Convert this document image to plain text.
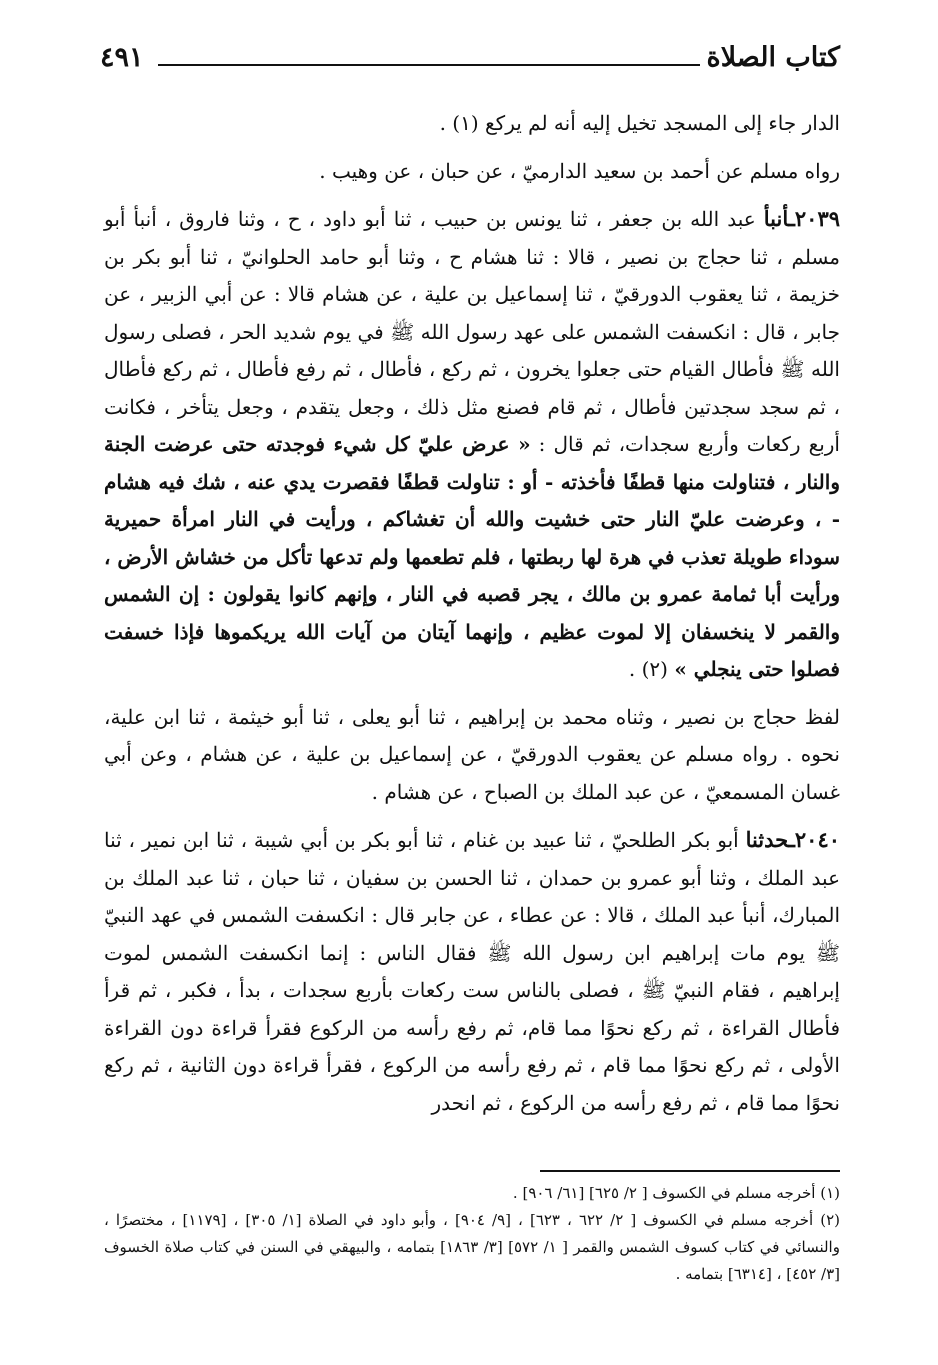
كتاب الصلاة
٤٩١

الدار جاء إلى المسجد تخيل إليه أنه لم يركع (١) .

رواه مسلم عن أحمد بن سعيد الدارميّ ، عن حبان ، عن وهيب .

٢٠٣٩ـأنبأ عبد الله بن جعفر ، ثنا يونس بن حبيب ، ثنا أبو داود ، ح ، وثنا فاروق ، أنبأ أبو مسلم ، ثنا حجاج بن نصير ، قالا : ثنا هشام ح ، وثنا أبو حامد الحلوانيّ ، ثنا أبو بكر بن خزيمة ، ثنا يعقوب الدورقيّ ، ثنا إسماعيل بن علية ، عن هشام قالا : عن أبي الزبير ، عن جابر ، قال : انكسفت الشمس على عهد رسول الله ﷺ في يوم شديد الحر ، فصلى رسول الله ﷺ فأطال القيام حتى جعلوا يخرون ، ثم ركع ، فأطال ، ثم رفع فأطال ، ثم ركع فأطال ، ثم سجد سجدتين فأطال ، ثم قام فصنع مثل ذلك ، وجعل يتقدم ، وجعل يتأخر ، فكانت أربع ركعات وأربع سجدات، ثم قال : « عرض عليّ كل شيء فوجدته حتى عرضت الجنة والنار ، فتناولت منها قطفًا فأخذته - أو : تناولت قطفًا فقصرت يدي عنه ، شك فيه هشام - ، وعرضت عليّ النار حتى خشيت والله أن تغشاكم ، ورأيت في النار امرأة حميرية سوداء طويلة تعذب في هرة لها ربطتها ، فلم تطعمها ولم تدعها تأكل من خشاش الأرض ، ورأيت أبا ثمامة عمرو بن مالك ، يجر قصبه في النار ، وإنهم كانوا يقولون : إن الشمس والقمر لا ينخسفان إلا لموت عظيم ، وإنهما آيتان من آيات الله يريكموها فإذا خسفت فصلوا حتى ينجلي » (٢) .

لفظ حجاج بن نصير ، وثناه محمد بن إبراهيم ، ثنا أبو يعلى ، ثنا أبو خيثمة ، ثنا ابن علية، نحوه . رواه مسلم عن يعقوب الدورقيّ ، عن إسماعيل بن علية ، عن هشام ، وعن أبي غسان المسمعيّ ، عن عبد الملك بن الصباح ، عن هشام .

٢٠٤٠ـحدثنا أبو بكر الطلحيّ ، ثنا عبيد بن غنام ، ثنا أبو بكر بن أبي شيبة ، ثنا ابن نمير ، ثنا عبد الملك ، وثنا أبو عمرو بن حمدان ، ثنا الحسن بن سفيان ، ثنا حبان ، ثنا عبد الملك بن المبارك، أنبأ عبد الملك ، قالا : عن عطاء ، عن جابر قال : انكسفت الشمس في عهد النبيّ ﷺ يوم مات إبراهيم ابن رسول الله ﷺ فقال الناس : إنما انكسفت الشمس لموت إبراهيم ، فقام النبيّ ﷺ ، فصلى بالناس ست ركعات بأربع سجدات ، بدأ ، فكبر ، ثم قرأ فأطال القراءة ، ثم ركع نحوًا مما قام، ثم رفع رأسه من الركوع فقرأ قراءة دون القراءة الأولى ، ثم ركع نحوًا مما قام ، ثم رفع رأسه من الركوع ، فقرأ قراءة دون الثانية ، ثم ركع نحوًا مما قام ، ثم رفع رأسه من الركوع ، ثم انحدر

(١) أخرجه مسلم في الكسوف [ ٢/ ٦٢٥] [٦١/ ٩٠٦] .

(٢) أخرجه مسلم في الكسوف [ ٢/ ٦٢٢ ، ٦٢٣] ، [٩/ ٩٠٤] ، وأبو داود في الصلاة [١/ ٣٠٥] ، [١١٧٩] ، مختصرًا ، والنسائي في كتاب كسوف الشمس والقمر [ ١/ ٥٧٢] [٣/ ١٨٦٣] بتمامه ، والبيهقي في السنن في كتاب صلاة الخسوف [٣/ ٤٥٢] ، [٦٣١٤] بتمامه .
